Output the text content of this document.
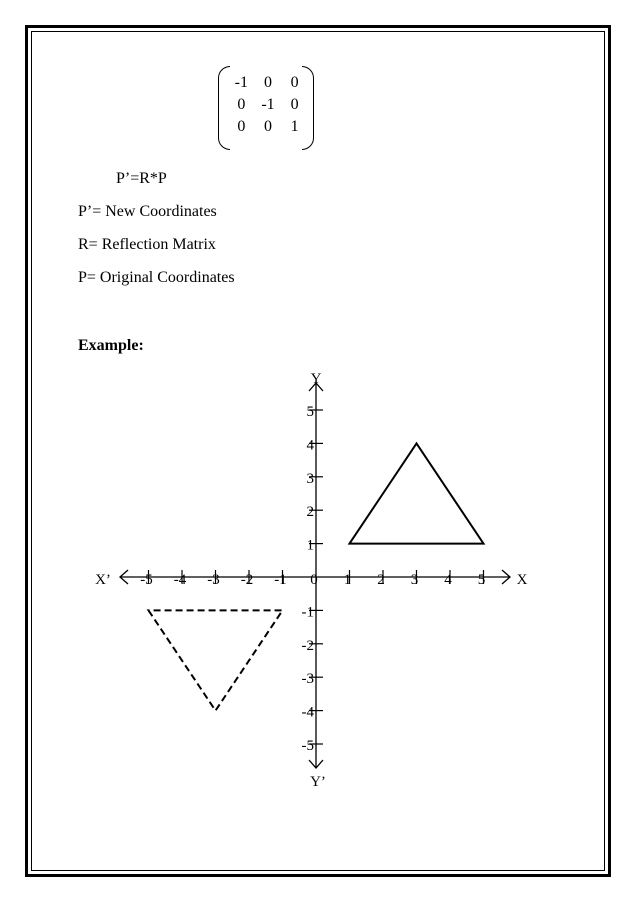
-1	0	0
0	-1	0
0	0	1
P’=R*P
P’= New Coordinates
R= Reflection Matrix
P= Original Coordinates
Example:
-5 -4 -3 -2 -1 0 1 2 3 4 5
5
4
3
2
1
-1
-2
-3
-4
-5
X’	X
Y
Y’
